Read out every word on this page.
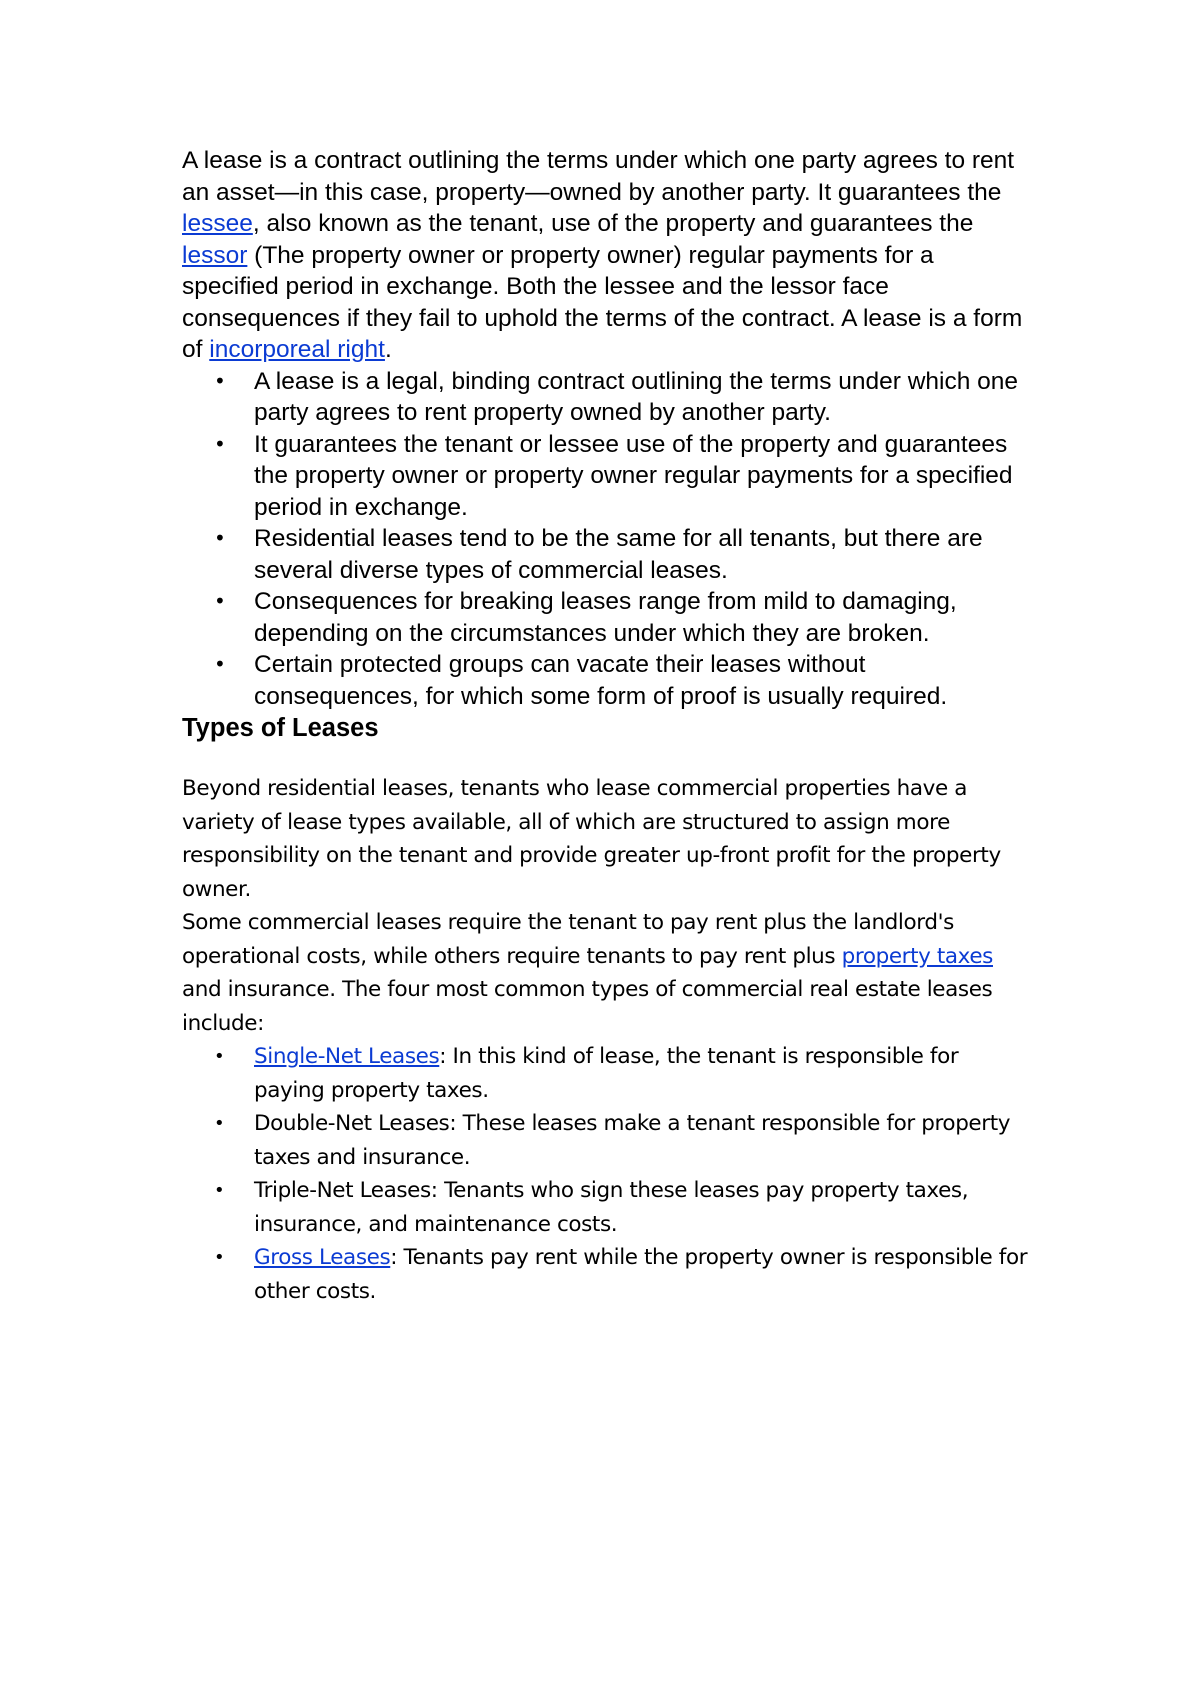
A lease is a contract outlining the terms under which one party agrees to rent an asset—in this case, property—owned by another party. It guarantees the lessee, also known as the tenant, use of the property and guarantees the lessor (The property owner or property owner) regular payments for a specified period in exchange. Both the lessee and the lessor face consequences if they fail to uphold the terms of the contract. A lease is a form of incorporeal right.

• A lease is a legal, binding contract outlining the terms under which one party agrees to rent property owned by another party.
• It guarantees the tenant or lessee use of the property and guarantees the property owner or property owner regular payments for a specified period in exchange.
• Residential leases tend to be the same for all tenants, but there are several diverse types of commercial leases.
• Consequences for breaking leases range from mild to damaging, depending on the circumstances under which they are broken.
• Certain protected groups can vacate their leases without consequences, for which some form of proof is usually required.
Types of Leases

Beyond residential leases, tenants who lease commercial properties have a variety of lease types available, all of which are structured to assign more responsibility on the tenant and provide greater up-front profit for the property owner.

Some commercial leases require the tenant to pay rent plus the landlord's operational costs, while others require tenants to pay rent plus property taxes and insurance. The four most common types of commercial real estate leases include:

• Single-Net Leases: In this kind of lease, the tenant is responsible for paying property taxes.
• Double-Net Leases: These leases make a tenant responsible for property taxes and insurance.
• Triple-Net Leases: Tenants who sign these leases pay property taxes, insurance, and maintenance costs.
• Gross Leases: Tenants pay rent while the property owner is responsible for other costs.
